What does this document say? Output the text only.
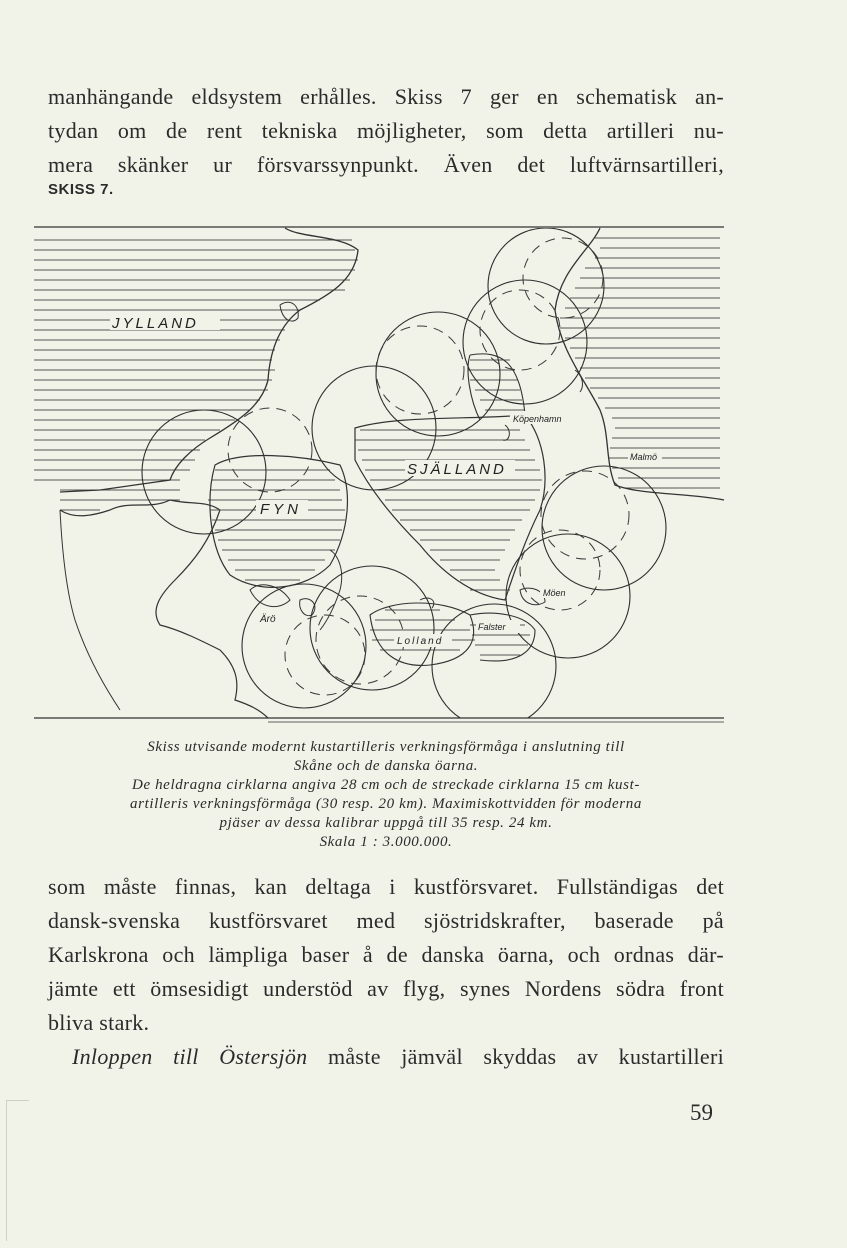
manhängande eldsystem erhålles. Skiss 7 ger en schematisk an-
tydan om de rent tekniska möjligheter, som detta artilleri nu-
mera skänker ur försvarssynpunkt. Även det luftvärnsartilleri,

SKISS 7.
JYLLAND
FYN
SJÄLLAND
Köpenhamn
Malmö
Lolland
Falster
Möen
Ärö
Skiss utvisande modernt kustartilleris verkningsförmåga i anslutning till
Skåne och de danska öarna.
De heldragna cirklarna angiva 28 cm och de streckade cirklarna 15 cm kust-
artilleris verkningsförmåga (30 resp. 20 km). Maximiskottvidden för moderna
pjäser av dessa kalibrar uppgå till 35 resp. 24 km.
Skala 1 : 3.000.000.

som måste finnas, kan deltaga i kustförsvaret. Fullständigas det
dansk-svenska kustförsvaret med sjöstridskrafter, baserade på
Karlskrona och lämpliga baser å de danska öarna, och ordnas där-
jämte ett ömsesidigt understöd av flyg, synes Nordens södra front
bliva stark.
Inloppen till Östersjön måste jämväl skyddas av kustartilleri

59
